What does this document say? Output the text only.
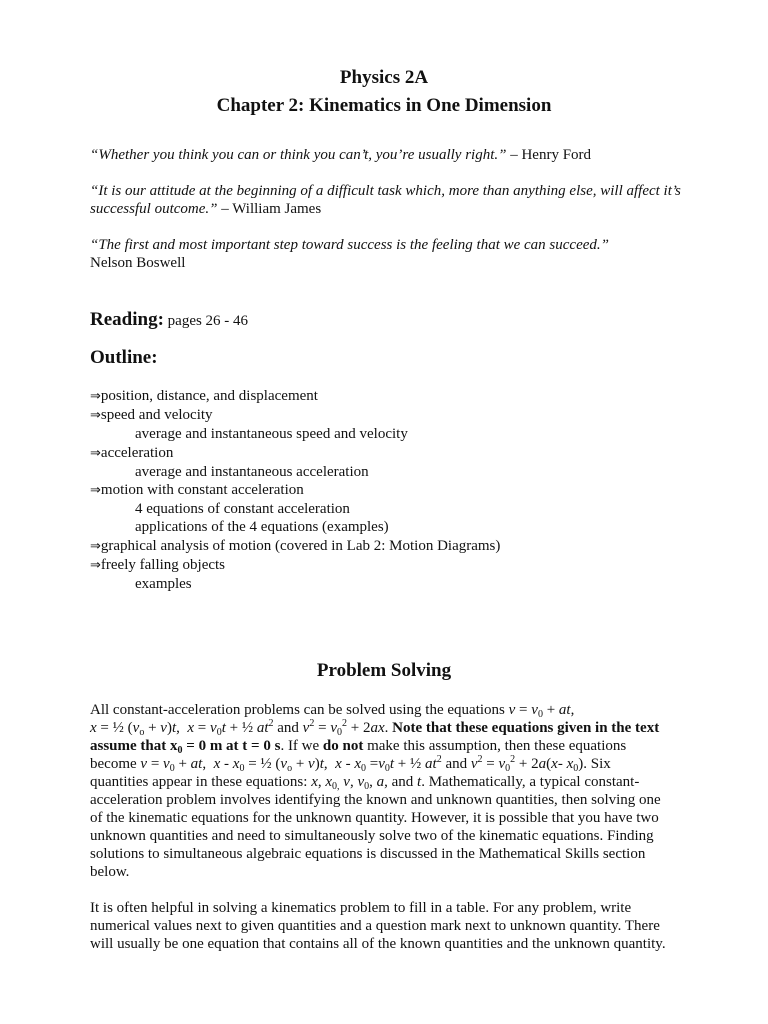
Physics 2A
Chapter 2: Kinematics in One Dimension

“Whether you think you can or think you can’t, you’re usually right.” – Henry Ford

“It is our attitude at the beginning of a difficult task which, more than anything else, will affect it’s successful outcome.” – William James

“The first and most important step toward success is the feeling that we can succeed.”
Nelson Boswell

Reading: pages 26 - 46
Outline:
⇒position, distance, and displacement
⇒speed and velocity
average and instantaneous speed and velocity
⇒acceleration
average and instantaneous acceleration
⇒motion with constant acceleration
4 equations of constant acceleration
applications of the 4 equations (examples)
⇒graphical analysis of motion (covered in Lab 2: Motion Diagrams)
⇒freely falling objects
examples
Problem Solving
All constant-acceleration problems can be solved using the equations $v = v_0$ + at,
x = ½ $(v_o + v)t$,  $x = v_0t$ + ½ $at^2$ and $v^2 = v_0^2 + 2ax$. Note that these equations given in the text
assume that $x_0 = 0$ m at t = 0 s. If we do not make this assumption, then these equations
become $v = v_0$ + at,  x - $x_0$ = ½ $(v_o + v)t$,  $x - x_0 =v_0t$ + ½ $at^2$ and $v^2 = v_0^2 + 2a(x-$ $x_0$). Six
quantities appear in these equations: x, $x_{0,}$ v, $v_0$, a, and t. Mathematically, a typical constant-
acceleration problem involves identifying the known and unknown quantities, then solving one
of the kinematic equations for the unknown quantity. However, it is possible that you have two
unknown quantities and need to simultaneously solve two of the kinematic equations. Finding
solutions to simultaneous algebraic equations is discussed in the Mathematical Skills section
below.
It is often helpful in solving a kinematics problem to fill in a table. For any problem, write
numerical values next to given quantities and a question mark next to unknown quantity. There
will usually be one equation that contains all of the known quantities and the unknown quantity.
